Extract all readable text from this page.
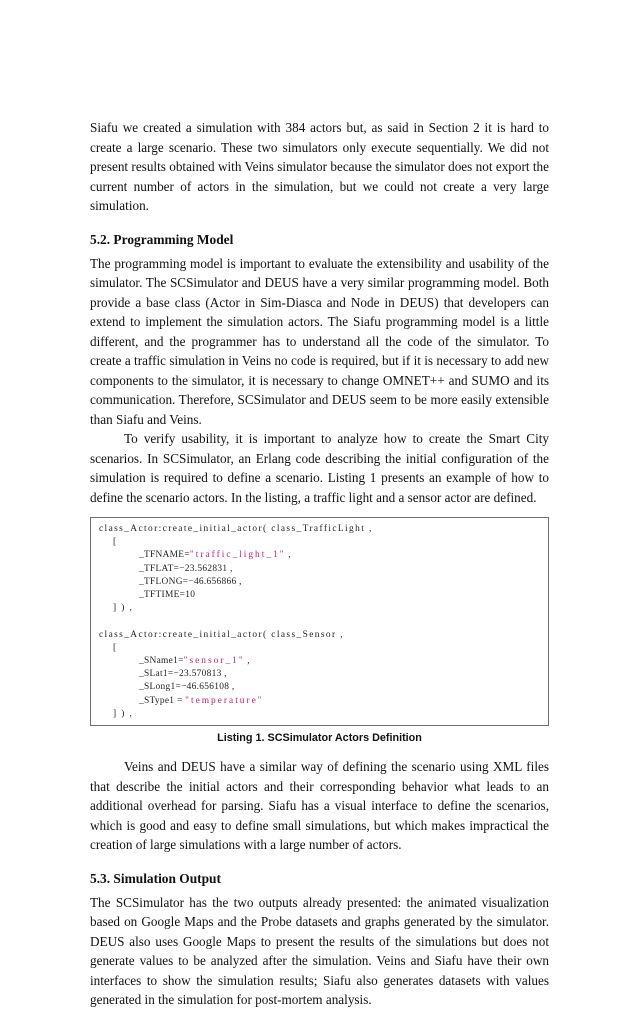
Siafu we created a simulation with 384 actors but, as said in Section 2 it is hard to create a large scenario. These two simulators only execute sequentially. We did not present results obtained with Veins simulator because the simulator does not export the current number of actors in the simulation, but we could not create a very large simulation.

5.2. Programming Model

The programming model is important to evaluate the extensibility and usability of the simulator. The SCSimulator and DEUS have a very similar programming model. Both provide a base class (Actor in Sim-Diasca and Node in DEUS) that developers can extend to implement the simulation actors. The Siafu programming model is a little different, and the programmer has to understand all the code of the simulator. To create a traffic simulation in Veins no code is required, but if it is necessary to add new components to the simulator, it is necessary to change OMNET++ and SUMO and its communication. Therefore, SCSimulator and DEUS seem to be more easily extensible than Siafu and Veins.

To verify usability, it is important to analyze how to create the Smart City scenarios. In SCSimulator, an Erlang code describing the initial configuration of the simulation is required to define a scenario. Listing 1 presents an example of how to define the scenario actors. In the listing, a traffic light and a sensor actor are defined.

class_Actor:create_initial_actor( class_TrafficLight ,
[
_TFNAME="traffic_light_1" ,
_TFLAT=−23.562831 ,
_TFLONG=−46.656866 ,
_TFTIME=10
] ) ,
class_Actor:create_initial_actor( class_Sensor ,
[
_SName1="sensor_1" ,
_SLat1=−23.570813 ,
_SLong1=−46.656108 ,
_SType1 = "temperature"
] ) ,
Listing 1. SCSimulator Actors Definition

Veins and DEUS have a similar way of defining the scenario using XML files that describe the initial actors and their corresponding behavior what leads to an additional overhead for parsing. Siafu has a visual interface to define the scenarios, which is good and easy to define small simulations, but which makes impractical the creation of large simulations with a large number of actors.

5.3. Simulation Output

The SCSimulator has the two outputs already presented: the animated visualization based on Google Maps and the Probe datasets and graphs generated by the simulator. DEUS also uses Google Maps to present the results of the simulations but does not generate values to be analyzed after the simulation. Veins and Siafu have their own interfaces to show the simulation results; Siafu also generates datasets with values generated in the simulation for post-mortem analysis.
